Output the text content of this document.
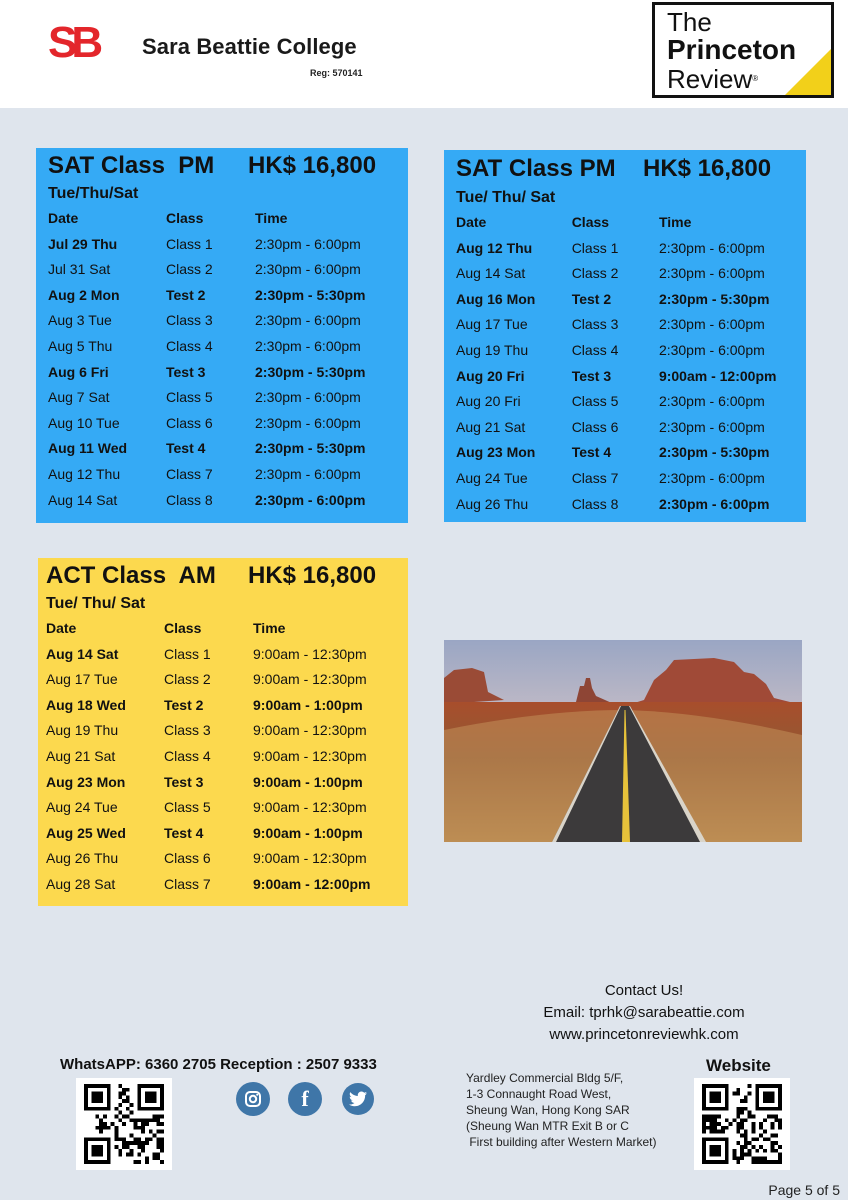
SB Sara Beattie College
Reg: 570141
The
Princeton
Review®
SAT Class  PM	HK$ 16,800
Tue/Thu/Sat
Date	Class	Time
Jul 29 Thu	Class 1	2:30pm - 6:00pm
Jul 31 Sat	Class 2	2:30pm - 6:00pm
Aug 2 Mon	Test 2	2:30pm - 5:30pm
Aug 3 Tue	Class 3	2:30pm - 6:00pm
Aug 5 Thu	Class 4	2:30pm - 6:00pm
Aug 6 Fri	Test 3	2:30pm - 5:30pm
Aug 7 Sat	Class 5	2:30pm - 6:00pm
Aug 10 Tue	Class 6	2:30pm - 6:00pm
Aug 11 Wed	Test 4	2:30pm - 5:30pm
Aug 12 Thu	Class 7	2:30pm - 6:00pm
Aug 14 Sat	Class 8	2:30pm - 6:00pm
SAT Class PM	HK$ 16,800
Tue/ Thu/ Sat
Date	Class	Time
Aug 12 Thu	Class 1	2:30pm - 6:00pm
Aug 14 Sat	Class 2	2:30pm - 6:00pm
Aug 16 Mon	Test 2	2:30pm - 5:30pm
Aug 17 Tue	Class 3	2:30pm - 6:00pm
Aug 19 Thu	Class 4	2:30pm - 6:00pm
Aug 20 Fri	Test 3	9:00am - 12:00pm
Aug 20 Fri	Class 5	2:30pm - 6:00pm
Aug 21 Sat	Class 6	2:30pm - 6:00pm
Aug 23 Mon	Test 4	2:30pm - 5:30pm
Aug 24 Tue	Class 7	2:30pm - 6:00pm
Aug 26 Thu	Class 8	2:30pm - 6:00pm
ACT Class  AM	HK$ 16,800
Tue/ Thu/ Sat
Date	Class	Time
Aug 14 Sat	Class 1	9:00am - 12:30pm
Aug 17 Tue	Class 2	9:00am - 12:30pm
Aug 18 Wed	Test 2	9:00am - 1:00pm
Aug 19 Thu	Class 3	9:00am - 12:30pm
Aug 21 Sat	Class 4	9:00am - 12:30pm
Aug 23 Mon	Test 3	9:00am - 1:00pm
Aug 24 Tue	Class 5	9:00am - 12:30pm
Aug 25 Wed	Test 4	9:00am - 1:00pm
Aug 26 Thu	Class 6	9:00am - 12:30pm
Aug 28 Sat	Class 7	9:00am - 12:00pm
Contact Us!
Email: tprhk@sarabeattie.com
www.princetonreviewhk.com
WhatsAPP: 6360 2705 Reception : 2507 9333	Website
f
Yardley Commercial Bldg 5/F,
1-3 Connaught Road West,
Sheung Wan, Hong Kong SAR
(Sheung Wan MTR Exit B or C
First building after Western Market)
Page 5 of 5
